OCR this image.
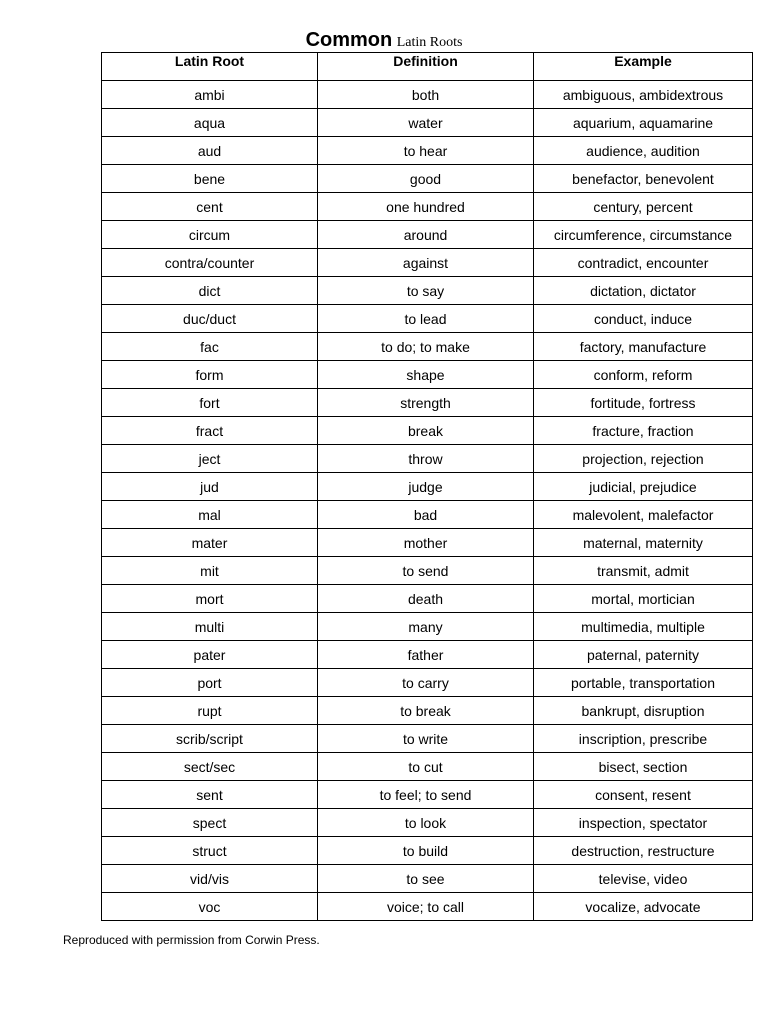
Common Latin Roots
Latin Root	Definition	Example
ambi	both	ambiguous, ambidextrous
aqua	water	aquarium, aquamarine
aud	to hear	audience, audition
bene	good	benefactor, benevolent
cent	one hundred	century, percent
circum	around	circumference, circumstance
contra/counter	against	contradict, encounter
dict	to say	dictation, dictator
duc/duct	to lead	conduct, induce
fac	to do; to make	factory, manufacture
form	shape	conform, reform
fort	strength	fortitude, fortress
fract	break	fracture, fraction
ject	throw	projection, rejection
jud	judge	judicial, prejudice
mal	bad	malevolent, malefactor
mater	mother	maternal, maternity
mit	to send	transmit, admit
mort	death	mortal, mortician
multi	many	multimedia, multiple
pater	father	paternal, paternity
port	to carry	portable, transportation
rupt	to break	bankrupt, disruption
scrib/script	to write	inscription, prescribe
sect/sec	to cut	bisect, section
sent	to feel; to send	consent, resent
spect	to look	inspection, spectator
struct	to build	destruction, restructure
vid/vis	to see	televise, video
voc	voice; to call	vocalize, advocate
Reproduced with permission from Corwin Press.
